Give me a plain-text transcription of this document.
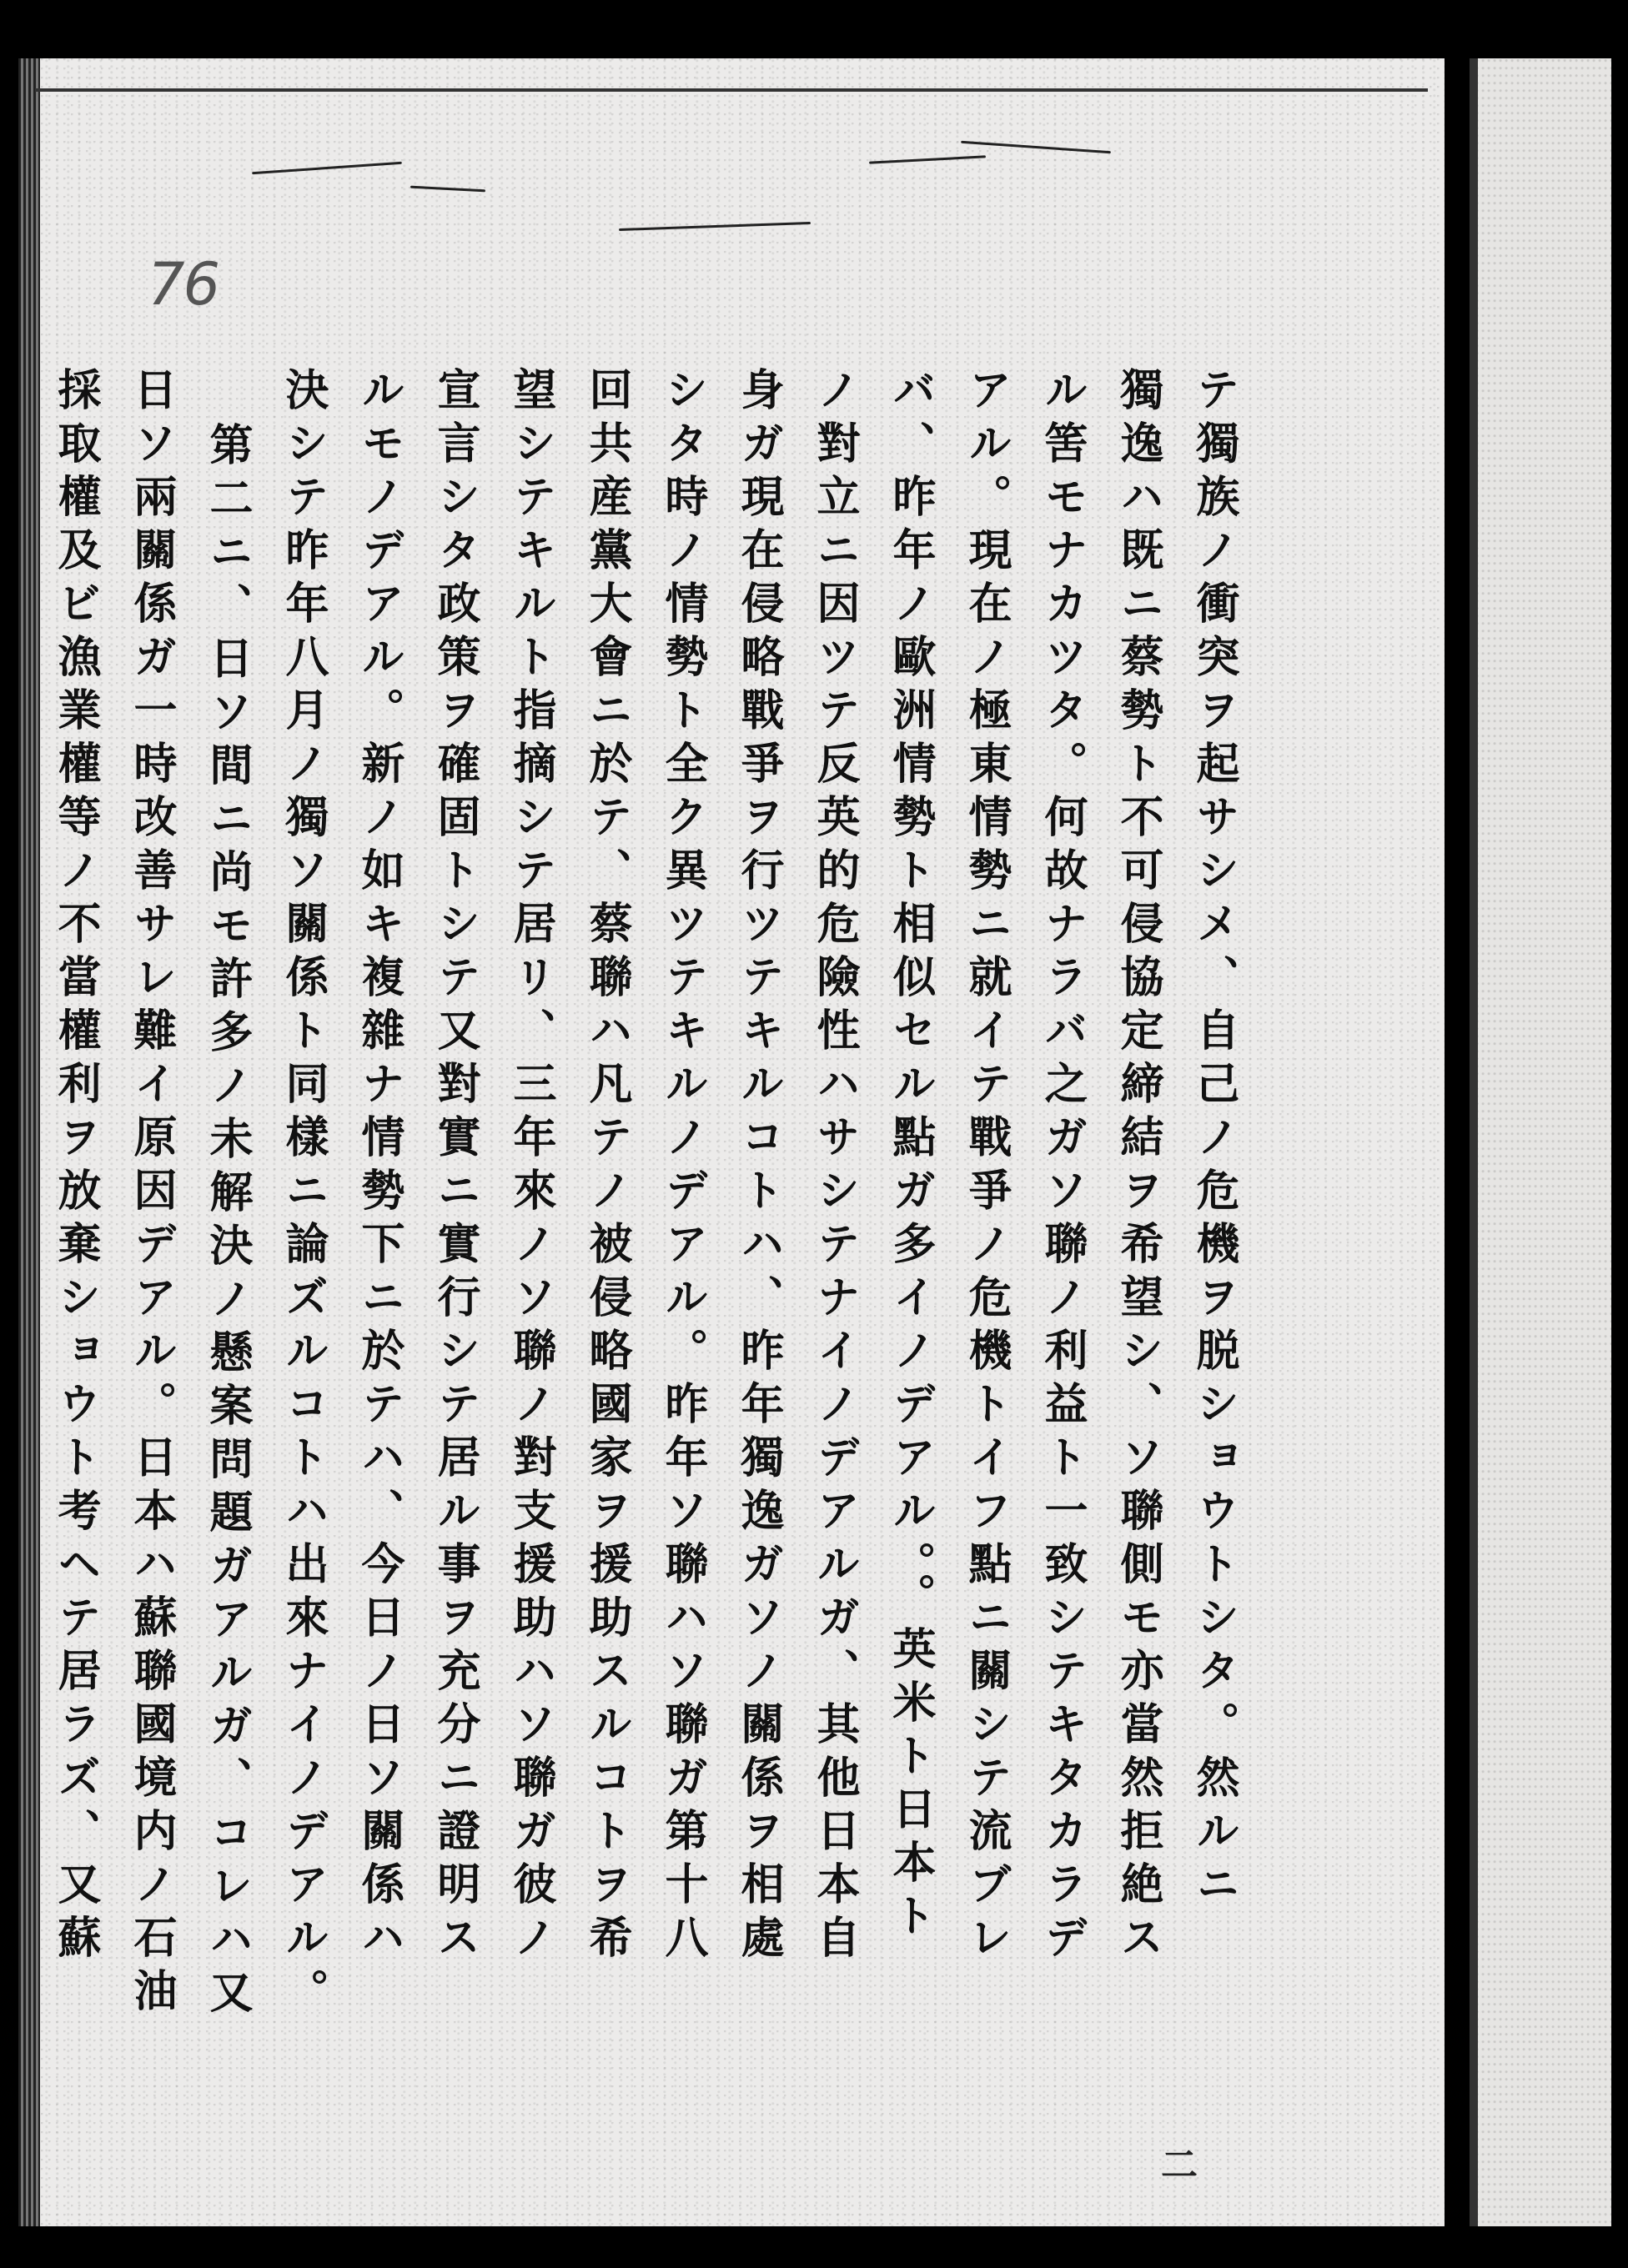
76
テ獨族ノ衝突ヲ起サシメ、自己ノ危機ヲ脱ショウトシタ。然ルニ
獨逸ハ既ニ蔡勢ト不可侵協定締結ヲ希望シ、ソ聯側モ亦當然拒絶ス
ル筈モナカツタ。何故ナラバ之ガソ聯ノ利益ト一致シテキタカラデ
アル。現在ノ極東情勢ニ就イテ戰爭ノ危機トイフ點ニ關シテ流ブレ
バ、昨年ノ歐洲情勢ト相似セル點ガ多イノデアル。。英米ト日本ト
ノ對立ニ因ツテ反英的危險性ハサシテナイノデアルガ、其他日本自
身ガ現在侵略戰爭ヲ行ツテキルコトハ、昨年獨逸ガソノ關係ヲ相處
シタ時ノ情勢ト全ク異ツテキルノデアル。昨年ソ聯ハソ聯ガ第十八
回共産黨大會ニ於テ、蔡聯ハ凡テノ被侵略國家ヲ援助スルコトヲ希
望シテキルト指摘シテ居リ、三年來ノソ聯ノ對支援助ハソ聯ガ彼ノ
宣言シタ政策ヲ確固トシテ又對實ニ實行シテ居ル事ヲ充分ニ證明ス
ルモノデアル。新ノ如キ複雜ナ情勢下ニ於テハ、今日ノ日ソ關係ハ
決シテ昨年八月ノ獨ソ關係ト同樣ニ論ズルコトハ出來ナイノデアル。
第二ニ、日ソ間ニ尚モ許多ノ未解決ノ懸案問題ガアルガ、コレハ又
日ソ兩關係ガ一時改善サレ難イ原因デアル。日本ハ蘇聯國境内ノ石油
採取權及ビ漁業權等ノ不當權利ヲ放棄ショウト考ヘテ居ラズ、又蘇
二
